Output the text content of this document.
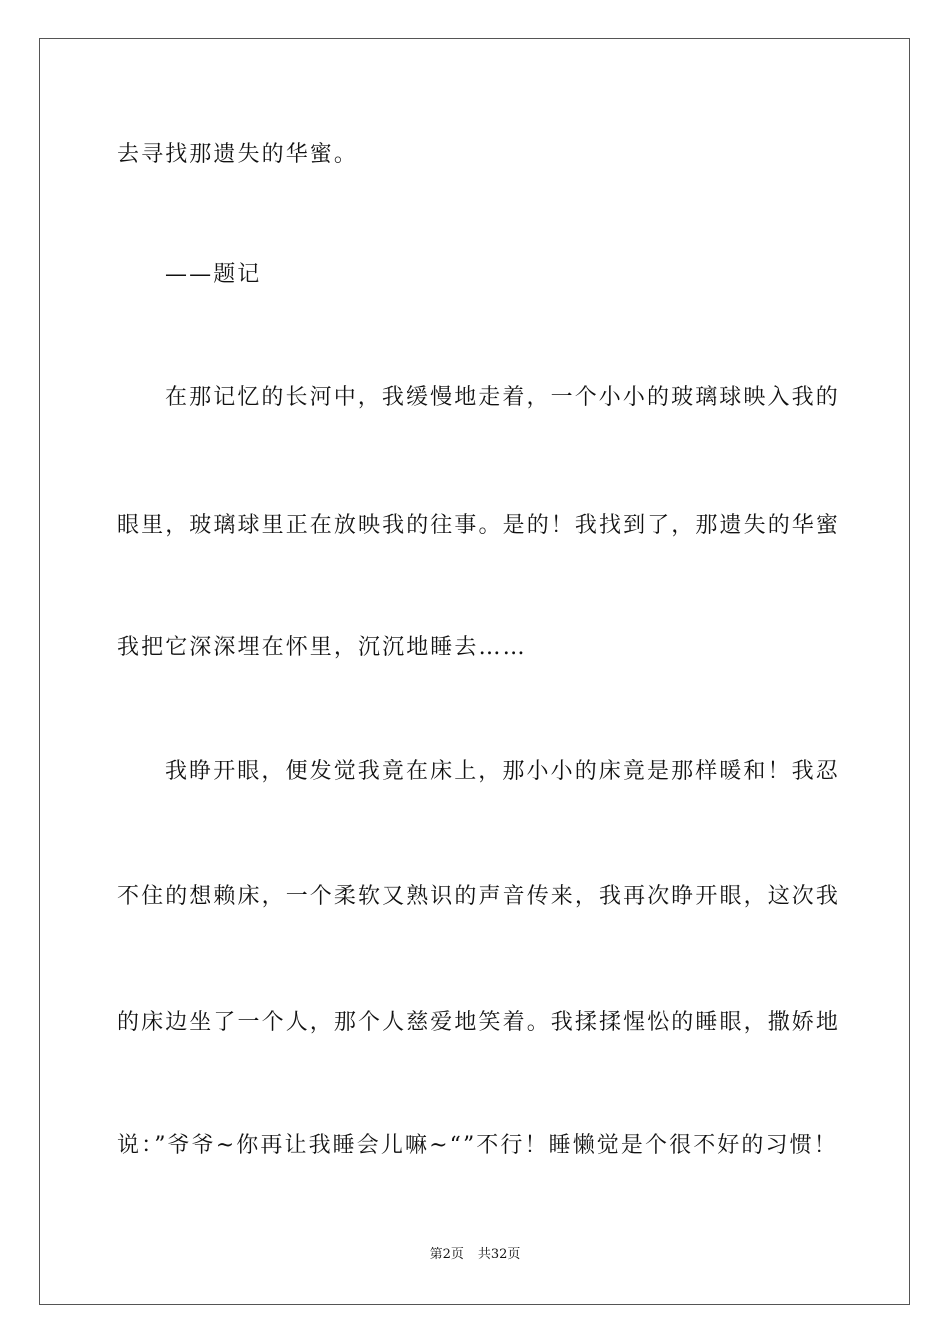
去寻找那遗失的华蜜。
——题记
在那记忆的长河中，我缓慢地走着，一个小小的玻璃球映入我的
眼里，玻璃球里正在放映我的往事。是的！我找到了，那遗失的华蜜
我把它深深埋在怀里，沉沉地睡去……
我睁开眼，便发觉我竟在床上，那小小的床竟是那样暖和！我忍
不住的想赖床，一个柔软又熟识的声音传来，我再次睁开眼，这次我
的床边坐了一个人，那个人慈爱地笑着。我揉揉惺忪的睡眼，撒娇地
说：”爷爷~你再让我睡会儿嘛~“”不行！睡懒觉是个很不好的习惯！
第2页 共32页
